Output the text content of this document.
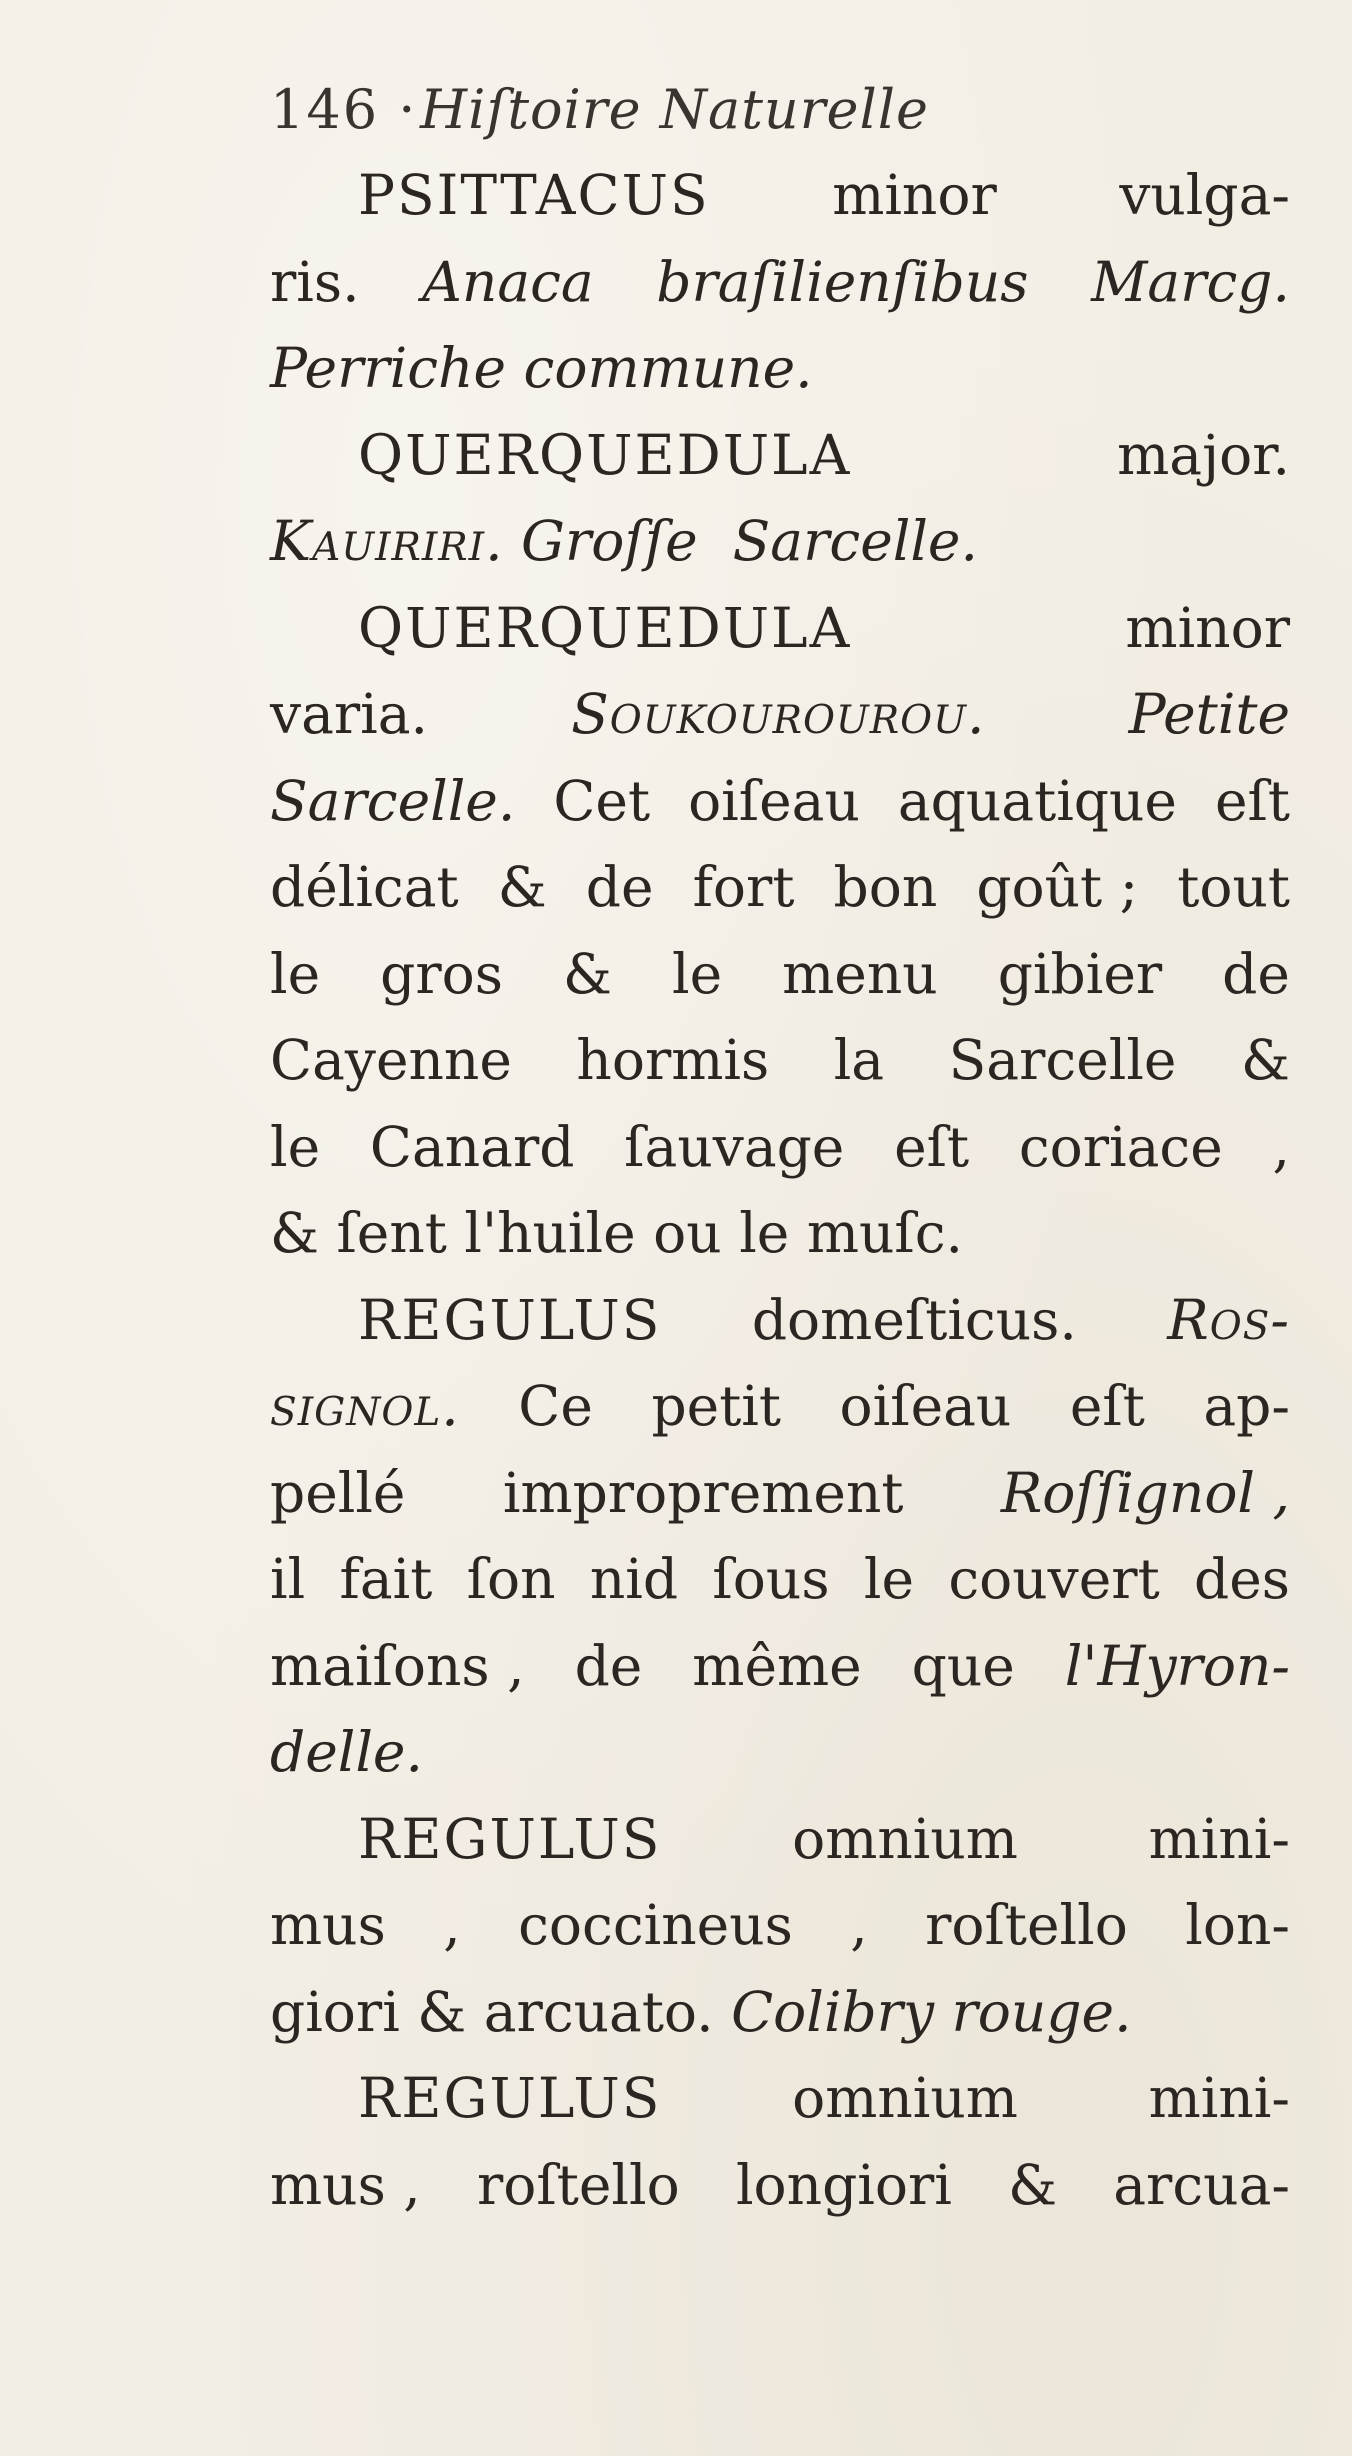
146 · Hiſtoire Naturelle
PSITTACUS minor vulga-
ris. Anaca braſilienſibus Marcg.
Perriche
commune.
QUERQUEDULA	major.
Kauiriri.
Groſſe
Sarcelle.
QUERQUEDULA	minor
varia.	Soukourourou.	Petite
Sarcelle. Cet oiſeau aquatique eſt
délicat & de fort bon goût ; tout
le gros & le menu gibier de
Cayenne hormis la Sarcelle &
le Canard ſauvage eſt coriace ,
&
ſent
l'huile
ou
le
muſc.
REGULUS domeſticus. Ros-
signol. Ce petit oiſeau eſt ap-
pellé improprement Roſſignol ,
il fait ſon nid ſous le couvert des
maiſons , de même que l'Hyron-
delle.
REGULUS omnium mini-
mus , coccineus , roſtello lon-
giori
&
arcuato.
Colibry
rouge.
REGULUS omnium mini-
mus , roſtello longiori & arcua-
